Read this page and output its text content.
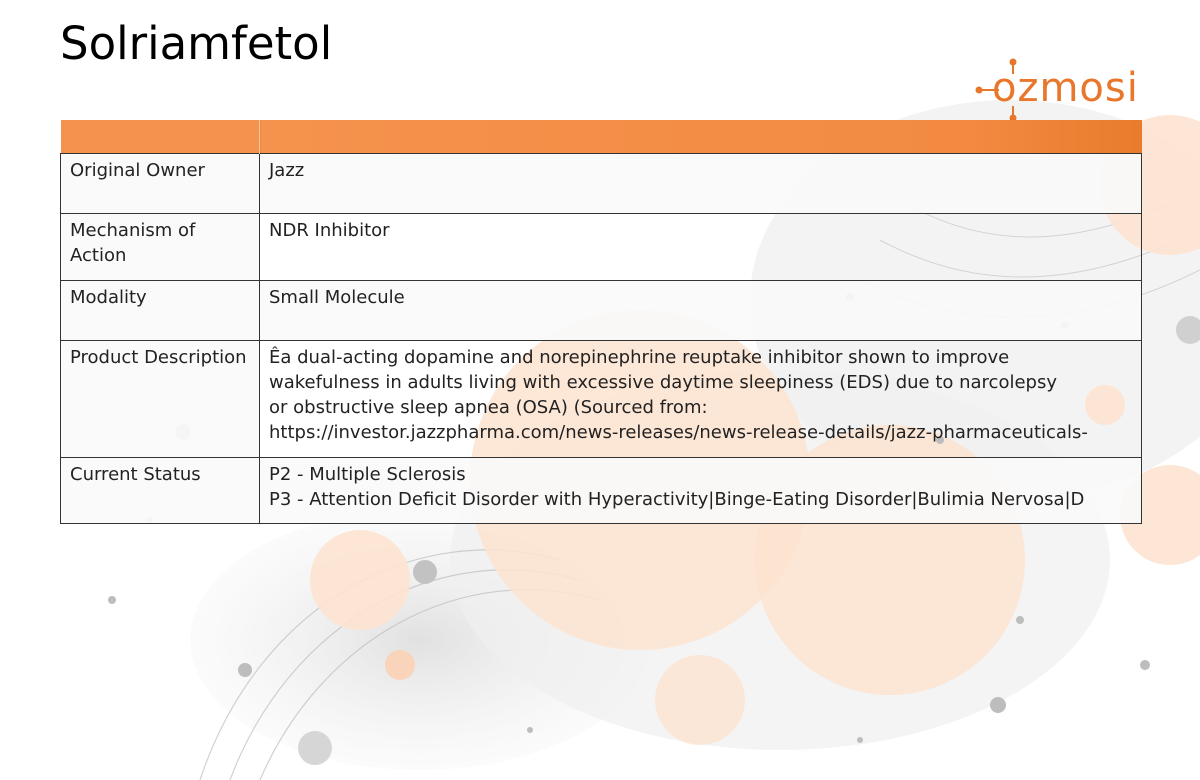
Solriamfetol
ozmosi

Original Owner	Jazz

Mechanism of Action	NDR Inhibitor

Modality	Small Molecule

Product Description	Êa dual-acting dopamine and norepinephrine reuptake inhibitor shown to improve
wakefulness in adults living with excessive daytime sleepiness (EDS) due to narcolepsy
or obstructive sleep apnea (OSA) (Sourced from:
https://investor.jazzpharma.com/news-releases/news-release-details/jazz-pharmaceuticals-

Current Status	P2 - Multiple Sclerosis
P3 - Attention Deficit Disorder with Hyperactivity|Binge-Eating Disorder|Bulimia Nervosa|D
